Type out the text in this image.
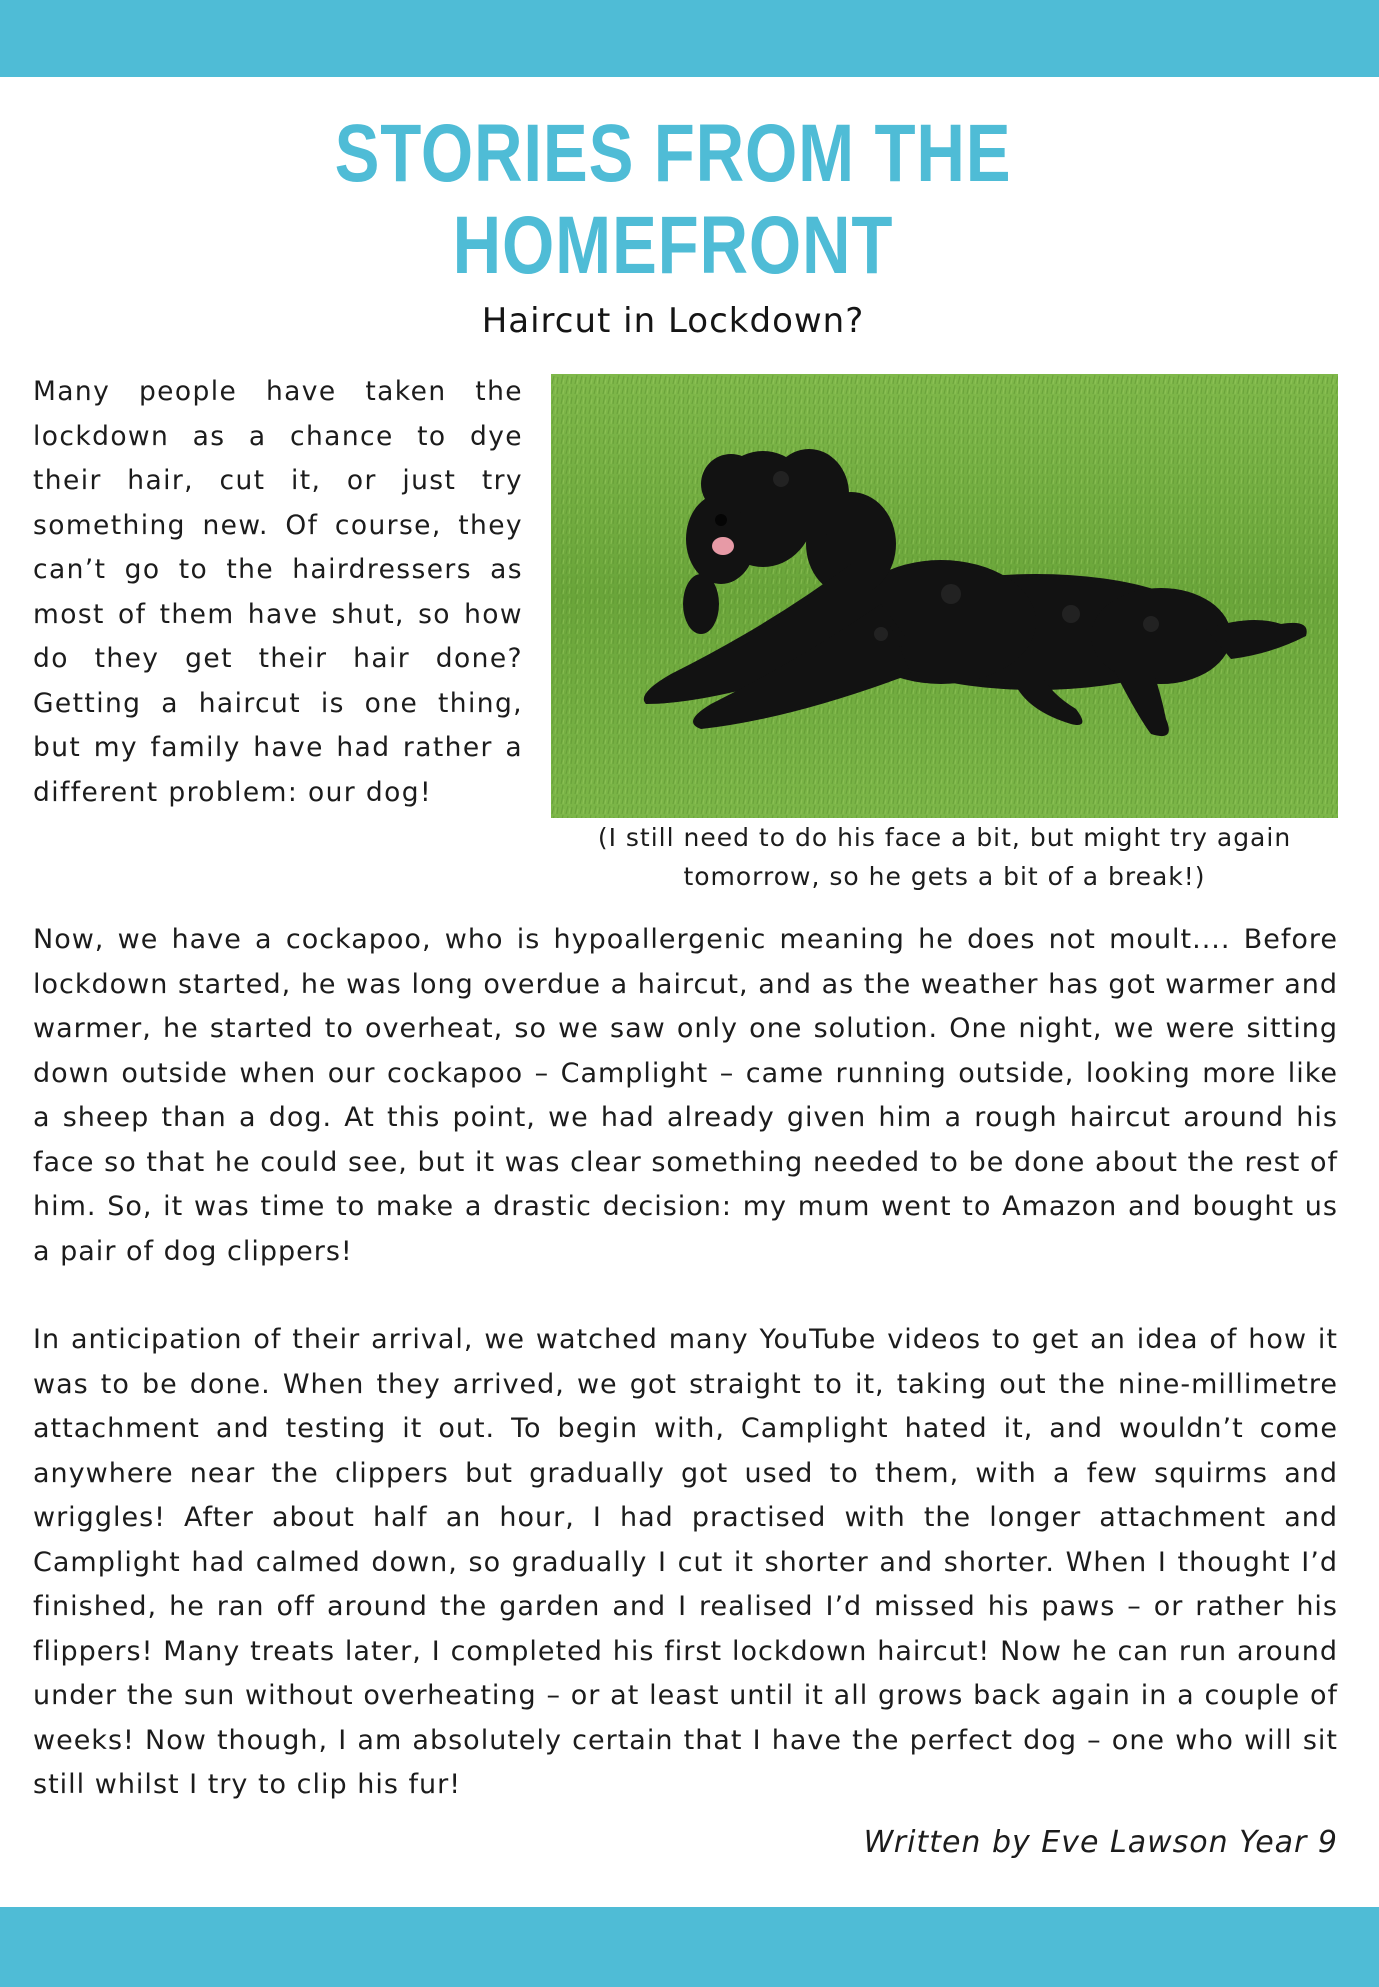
STORIES FROM THE
HOMEFRONT
Haircut in Lockdown?

Many people have taken the lockdown as a chance to dye their hair, cut it, or just try something new. Of course, they can’t go to the hairdressers as most of them have shut, so how do they get their hair done? Getting a haircut is one thing, but my family have had rather a different problem: our dog!

(I still need to do his face a bit, but might try again tomorrow, so he gets a bit of a break!)

Now, we have a cockapoo, who is hypoallergenic meaning he does not moult.... Before lockdown started, he was long overdue a haircut, and as the weather has got warmer and warmer, he started to overheat, so we saw only one solution. One night, we were sitting down outside when our cockapoo – Camplight – came running outside, looking more like a sheep than a dog. At this point, we had already given him a rough haircut around his face so that he could see, but it was clear something needed to be done about the rest of him. So, it was time to make a drastic decision: my mum went to Amazon and bought us a pair of dog clippers!

In anticipation of their arrival, we watched many YouTube videos to get an idea of how it was to be done. When they arrived, we got straight to it, taking out the nine-millimetre attachment and testing it out. To begin with, Camplight hated it, and wouldn’t come anywhere near the clippers but gradually got used to them, with a few squirms and wriggles! After about half an hour, I had practised with the longer attachment and Camplight had calmed down, so gradually I cut it shorter and shorter. When I thought I’d finished, he ran off around the garden and I realised I’d missed his paws – or rather his flippers! Many treats later, I completed his first lockdown haircut! Now he can run around under the sun without overheating – or at least until it all grows back again in a couple of weeks! Now though, I am absolutely certain that I have the perfect dog – one who will sit still whilst I try to clip his fur!

Written by Eve Lawson Year 9
